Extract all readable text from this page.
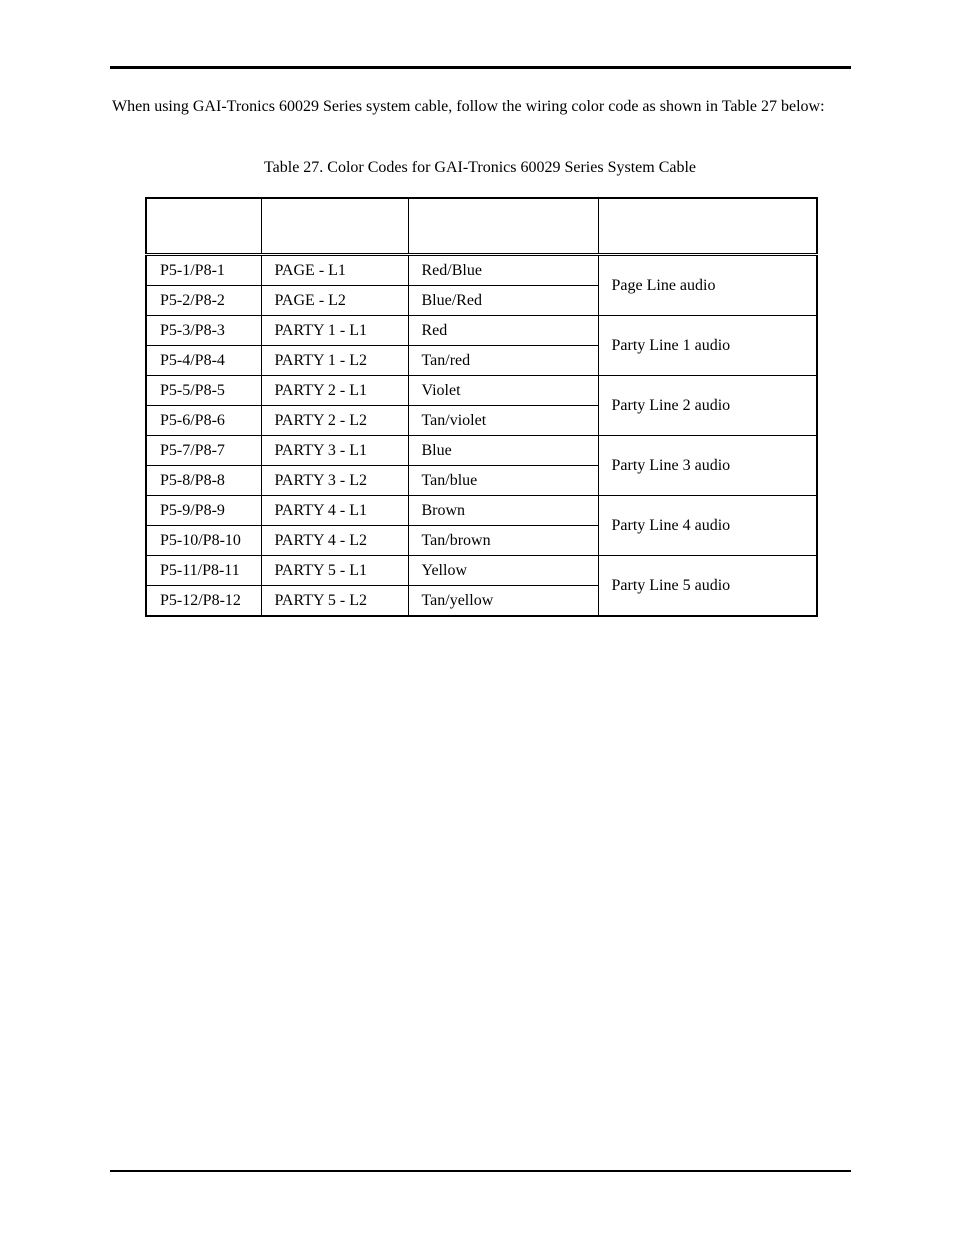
When using GAI-Tronics 60029 Series system cable, follow the wiring color code as shown in Table 27 below:

Table 27. Color Codes for GAI-Tronics 60029 Series System Cable

P5-1/P8-1	PAGE - L1	Red/Blue	Page Line audio
P5-2/P8-2	PAGE - L2	Blue/Red	
P5-3/P8-3	PARTY 1 - L1	Red	Party Line 1 audio
P5-4/P8-4	PARTY 1 - L2	Tan/red	
P5-5/P8-5	PARTY 2 - L1	Violet	Party Line 2 audio
P5-6/P8-6	PARTY 2 - L2	Tan/violet	
P5-7/P8-7	PARTY 3 - L1	Blue	Party Line 3 audio
P5-8/P8-8	PARTY 3 - L2	Tan/blue	
P5-9/P8-9	PARTY 4 - L1	Brown	Party Line 4 audio
P5-10/P8-10	PARTY 4 - L2	Tan/brown	
P5-11/P8-11	PARTY 5 - L1	Yellow	Party Line 5 audio
P5-12/P8-12	PARTY 5 - L2	Tan/yellow	
